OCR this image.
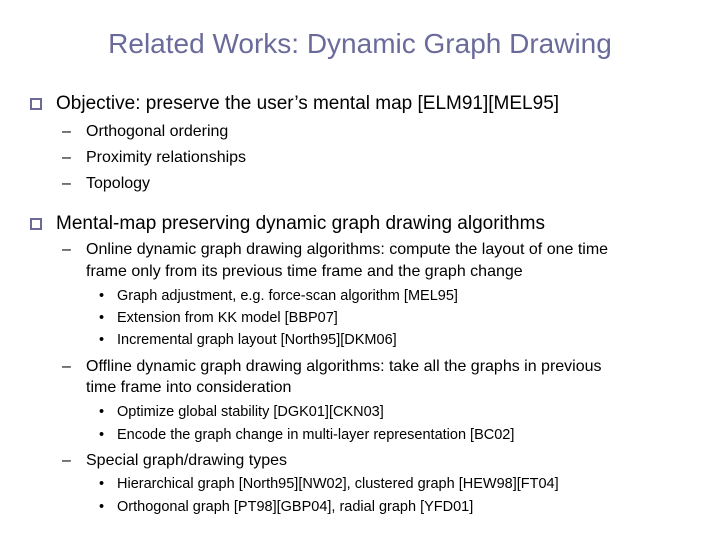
Related Works: Dynamic Graph Drawing
Objective: preserve the user’s mental map [ELM91][MEL95]
– Orthogonal ordering
– Proximity relationships
– Topology
Mental-map preserving dynamic graph drawing algorithms
– Online dynamic graph drawing algorithms: compute the layout of one time
frame only from its previous time frame and the graph change
• Graph adjustment, e.g. force-scan algorithm [MEL95]
• Extension from KK model [BBP07]
• Incremental graph layout [North95][DKM06]
– Offline dynamic graph drawing algorithms: take all the graphs in previous
time frame into consideration
• Optimize global stability [DGK01][CKN03]
• Encode the graph change in multi-layer representation [BC02]
– Special graph/drawing types
• Hierarchical graph [North95][NW02], clustered graph [HEW98][FT04]
• Orthogonal graph [PT98][GBP04], radial graph [YFD01]
